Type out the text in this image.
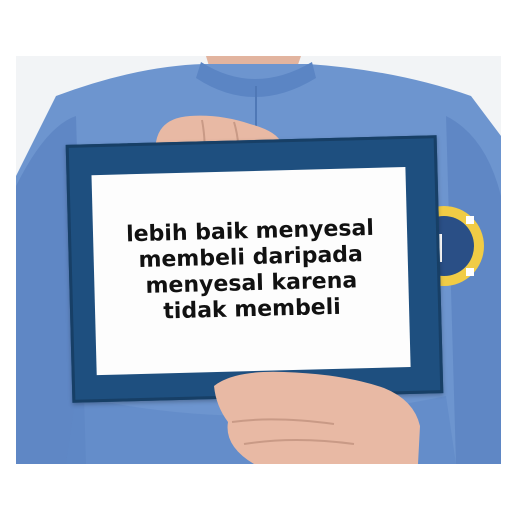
lebih baik menyesal
membeli daripada
menyesal karena
tidak membeli
